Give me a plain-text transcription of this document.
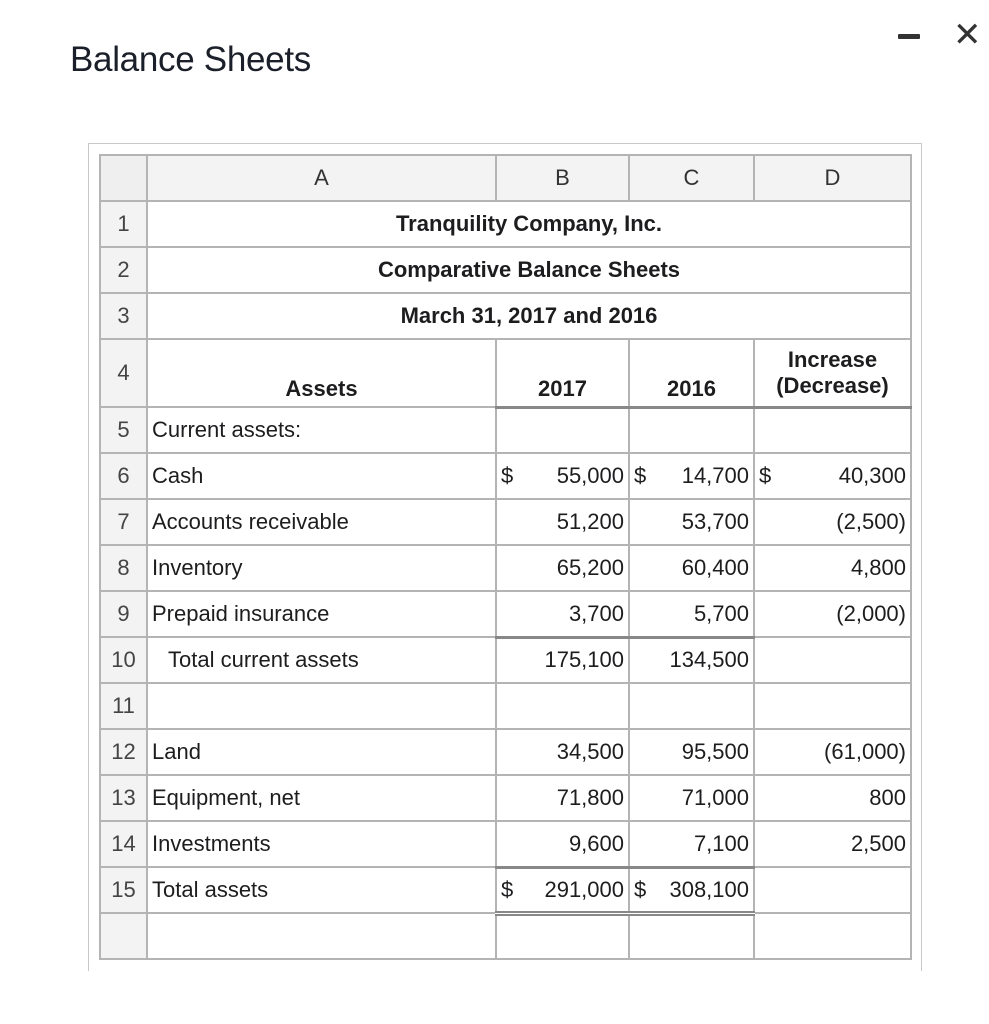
Balance Sheets
✕
	A	B	C	D
1	Tranquility Company, Inc.			
2	Comparative Balance Sheets			
3	March 31, 2017 and 2016			
4	Assets	2017	2016	Increase
(Decrease)

5	Current assets:			
6	Cash	$ 55,000	$ 14,700	$ 40,300

7	Accounts receivable	51,200	53,700	(2,500)
8	Inventory	65,200	60,400	4,800
9	Prepaid insurance	3,700	5,700	(2,000)
10	Total current assets	175,100	134,500	
11				
12	Land	34,500	95,500	(61,000)
13	Equipment, net	71,800	71,000	800
14	Investments	9,600	7,100	2,500
15	Total assets	$ 291,000	$ 308,100	
